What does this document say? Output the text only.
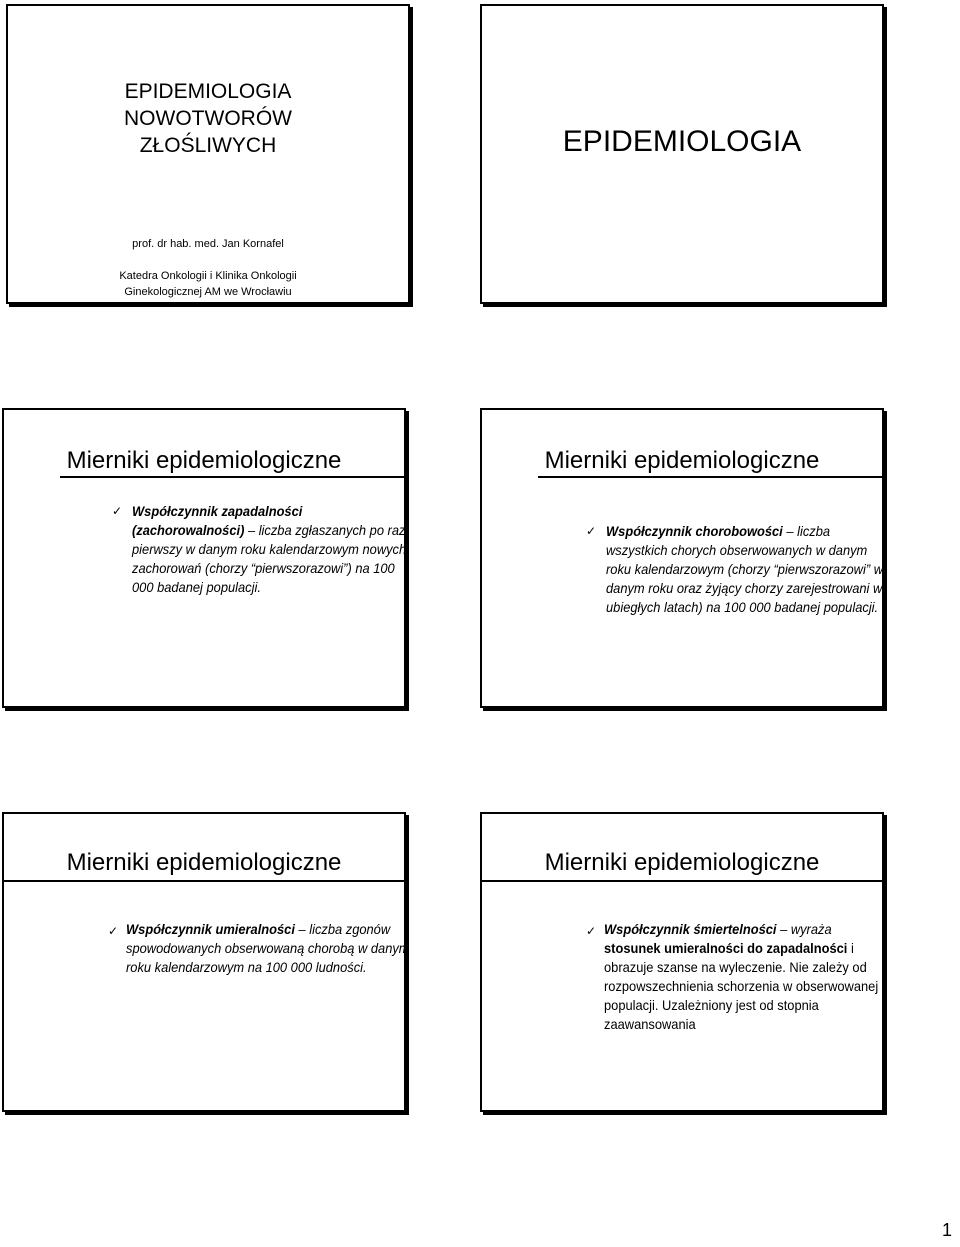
EPIDEMIOLOGIA
NOWOTWORÓW
ZŁOŚLIWYCH
prof. dr hab. med. Jan Kornafel
Katedra Onkologii i Klinika Onkologii
Ginekologicznej AM we Wrocławiu
EPIDEMIOLOGIA
Mierniki epidemiologiczne
✓ Współczynnik zapadalności (zachorowalności) – liczba zgłaszanych po raz pierwszy w danym roku kalendarzowym nowych zachorowań (chorzy “pierwszorazowi”) na 100 000 badanej populacji.
Mierniki epidemiologiczne
✓ Współczynnik chorobowości – liczba wszystkich chorych obserwowanych w danym roku kalendarzowym (chorzy “pierwszorazowi” w danym roku oraz żyjący chorzy zarejestrowani w ubiegłych latach) na 100 000 badanej populacji.
Mierniki epidemiologiczne
✓ Współczynnik umieralności – liczba zgonów spowodowanych obserwowaną chorobą w danym roku kalendarzowym na 100 000 ludności.
Mierniki epidemiologiczne
✓ Współczynnik śmiertelności – wyraża stosunek umieralności do zapadalności i obrazuje szanse na wyleczenie. Nie zależy od rozpowszechnienia schorzenia w obserwowanej populacji. Uzależniony jest od stopnia zaawansowania
1
